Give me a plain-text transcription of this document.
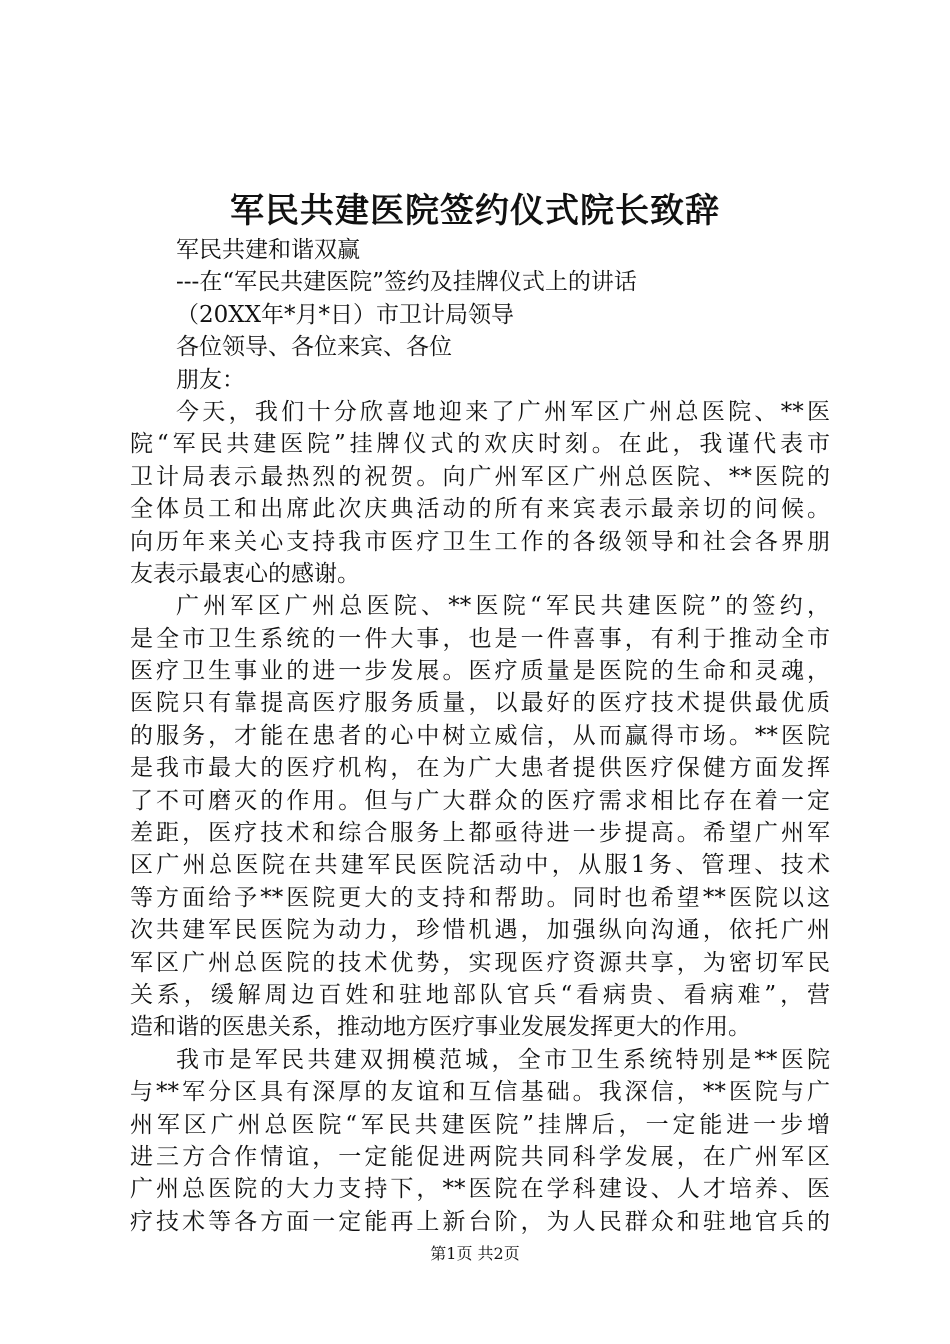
军民共建医院签约仪式院长致辞
军民共建和谐双赢
---在“军民共建医院”签约及挂牌仪式上的讲话
（20XX年*月*日）市卫计局领导
各位领导、各位来宾、各位
朋友：
今天，我们十分欣喜地迎来了广州军区广州总医院、**医
院“军民共建医院”挂牌仪式的欢庆时刻。在此，我谨代表市
卫计局表示最热烈的祝贺。向广州军区广州总医院、**医院的
全体员工和出席此次庆典活动的所有来宾表示最亲切的问候。
向历年来关心支持我市医疗卫生工作的各级领导和社会各界朋
友表示最衷心的感谢。
广州军区广州总医院、**医院“军民共建医院”的签约，
是全市卫生系统的一件大事，也是一件喜事，有利于推动全市
医疗卫生事业的进一步发展。医疗质量是医院的生命和灵魂，
医院只有靠提高医疗服务质量，以最好的医疗技术提供最优质
的服务，才能在患者的心中树立威信，从而赢得市场。**医院
是我市最大的医疗机构，在为广大患者提供医疗保健方面发挥
了不可磨灭的作用。但与广大群众的医疗需求相比存在着一定
差距，医疗技术和综合服务上都亟待进一步提高。希望广州军
区广州总医院在共建军民医院活动中，从服1务、管理、技术
等方面给予**医院更大的支持和帮助。同时也希望**医院以这
次共建军民医院为动力，珍惜机遇，加强纵向沟通，依托广州
军区广州总医院的技术优势，实现医疗资源共享，为密切军民
关系，缓解周边百姓和驻地部队官兵“看病贵、看病难”，营
造和谐的医患关系，推动地方医疗事业发展发挥更大的作用。
我市是军民共建双拥模范城，全市卫生系统特别是**医院
与**军分区具有深厚的友谊和互信基础。我深信，**医院与广
州军区广州总医院“军民共建医院”挂牌后，一定能进一步增
进三方合作情谊，一定能促进两院共同科学发展，在广州军区
广州总医院的大力支持下，**医院在学科建设、人才培养、医
疗技术等各方面一定能再上新台阶，为人民群众和驻地官兵的
第1页 共2页
